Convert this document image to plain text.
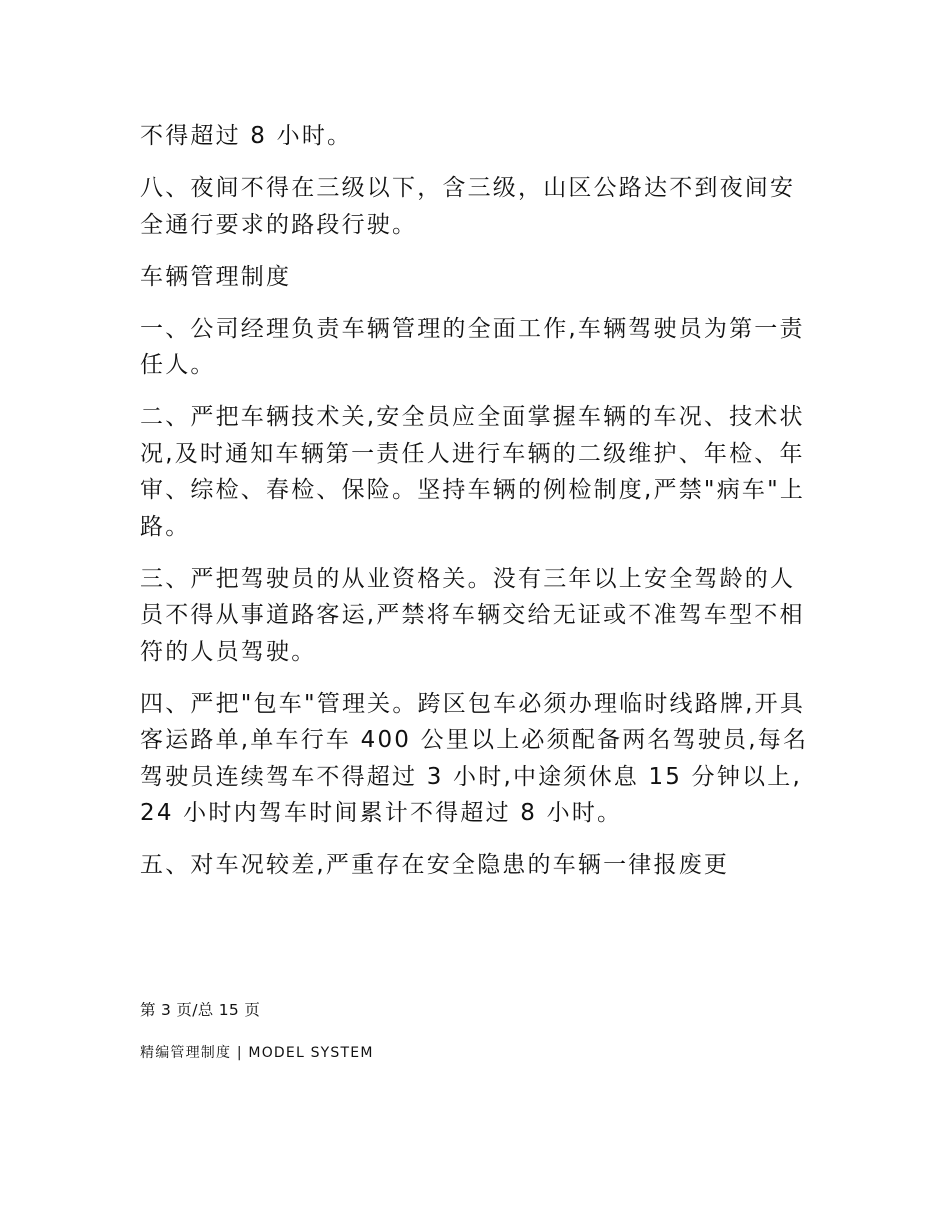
不得超过 8 小时。

八、夜间不得在三级以下，含三级，山区公路达不到夜间安全通行要求的路段行驶。

车辆管理制度

一、公司经理负责车辆管理的全面工作,车辆驾驶员为第一责任人。

二、严把车辆技术关,安全员应全面掌握车辆的车况、技术状况,及时通知车辆第一责任人进行车辆的二级维护、年检、年审、综检、春检、保险。坚持车辆的例检制度,严禁"病车"上路。

三、严把驾驶员的从业资格关。没有三年以上安全驾龄的人员不得从事道路客运,严禁将车辆交给无证或不准驾车型不相符的人员驾驶。

四、严把"包车"管理关。跨区包车必须办理临时线路牌,开具客运路单,单车行车 400 公里以上必须配备两名驾驶员,每名驾驶员连续驾车不得超过 3 小时,中途须休息 15 分钟以上,24 小时内驾车时间累计不得超过 8 小时。

五、对车况较差,严重存在安全隐患的车辆一律报废更

第 3 页/总 15 页
精编管理制度 | MODEL SYSTEM
